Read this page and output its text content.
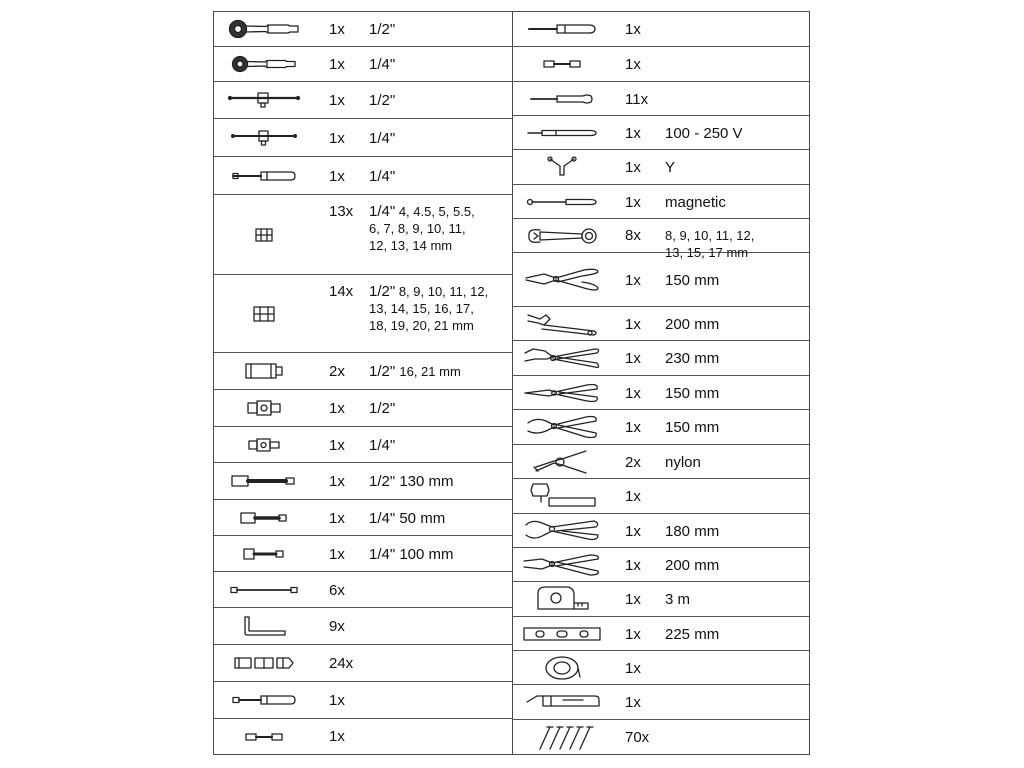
1x 1/2"
1x 1/4"
1x 1/2"
1x 1/4"
1x 1/4"
13x 1/4" 4, 4.5, 5, 5.5,
6, 7, 8, 9, 10, 11,
12, 13, 14 mm
14x 1/2" 8, 9, 10, 11, 12,
13, 14, 15, 16, 17,
18, 19, 20, 21 mm
2x 1/2" 16, 21 mm
1x 1/2"
1x 1/4"
1x 1/2" 130 mm
1x 1/4" 50 mm
1x 1/4" 100 mm
6x
9x
24x
1x
1x
1x
1x
11x
1x 100 - 250 V
1x Y
1x magnetic
8x 8, 9, 10, 11, 12,
13, 15, 17 mm
1x 150 mm
1x 200 mm
1x 230 mm
1x 150 mm
1x 150 mm
2x nylon
1x
1x 180 mm
1x 200 mm
1x 3 m
1x 225 mm
1x
1x
70x
